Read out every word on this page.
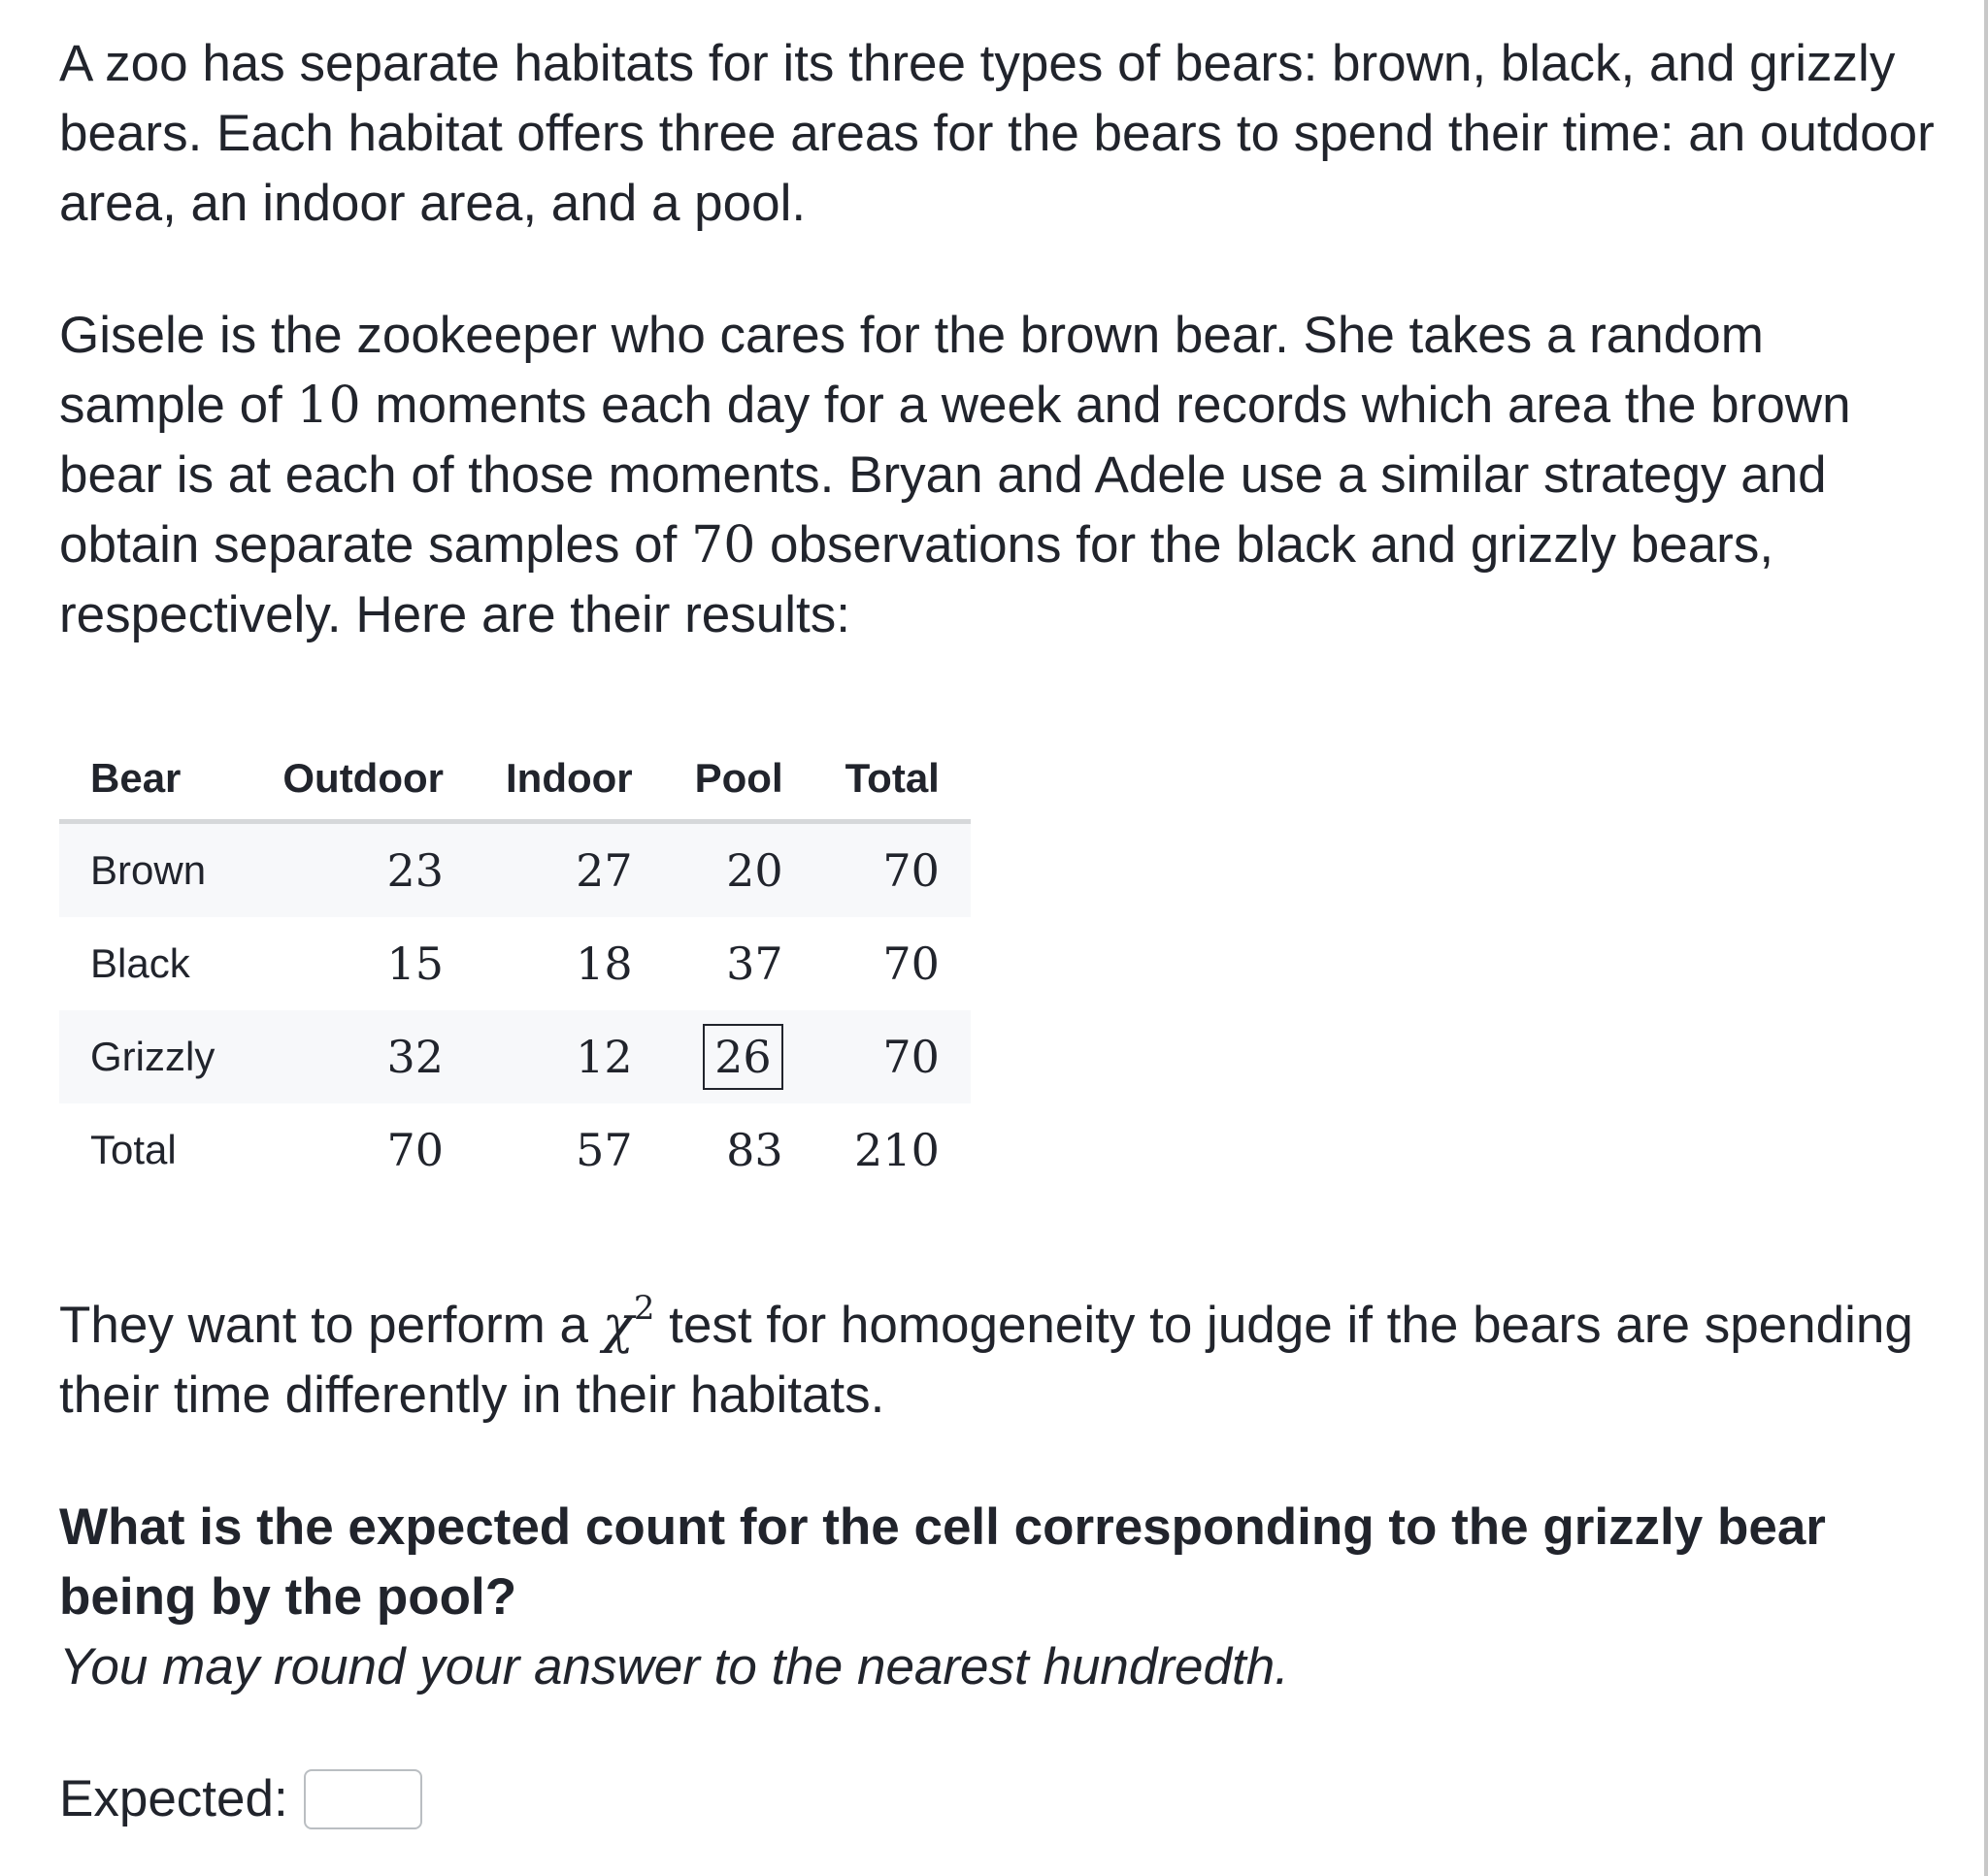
A zoo has separate habitats for its three types of bears: brown, black, and grizzly bears. Each habitat offers three areas for the bears to spend their time: an outdoor area, an indoor area, and a pool.

Gisele is the zookeeper who cares for the brown bear. She takes a random sample of 10 moments each day for a week and records which area the brown bear is at each of those moments. Bryan and Adele use a similar strategy and obtain separate samples of 70 observations for the black and grizzly bears, respectively. Here are their results:

Bear	Outdoor	Indoor	Pool	Total
Brown	23	27	20	70
Black	15	18	37	70
Grizzly	32	12	26	70
Total	70	57	83	210

They want to perform a $\chi^2$ test for homogeneity to judge if the bears are spending their time differently in their habitats.

What is the expected count for the cell corresponding to the grizzly bear being by the pool?

You may round your answer to the nearest hundredth.

Expected:
